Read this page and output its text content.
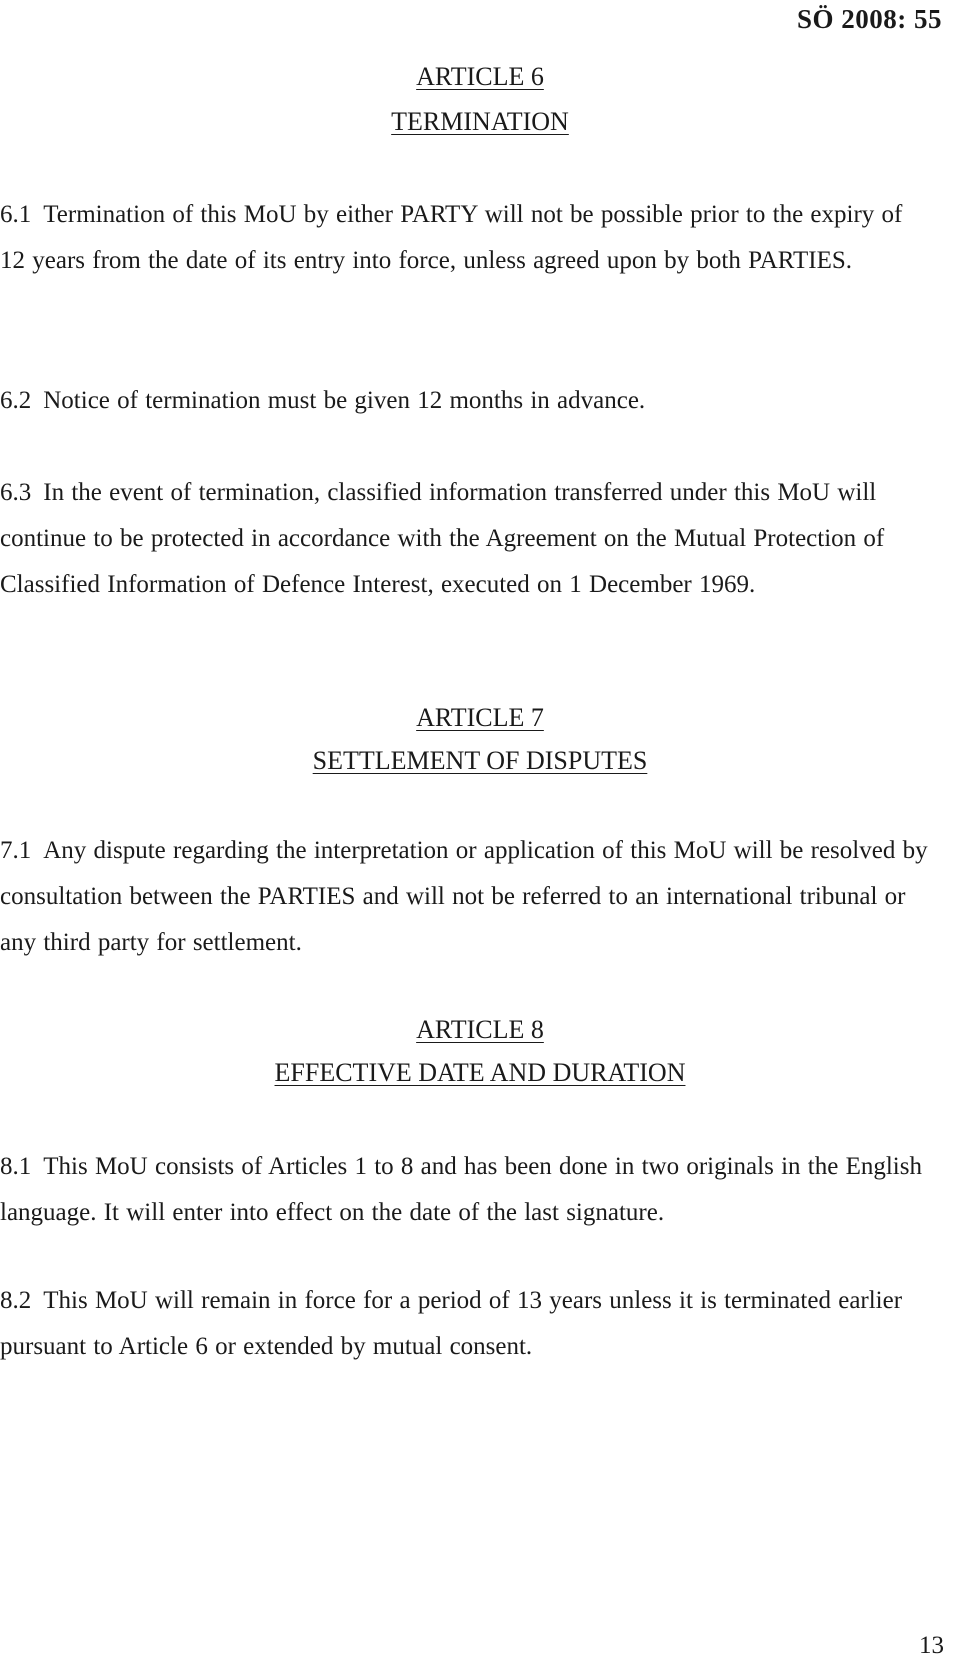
SÖ 2008: 55
ARTICLE 6
TERMINATION
6.1 Termination of this MoU by either PARTY will not be possible prior to the expiry of 12 years from the date of its entry into force, unless agreed upon by both PARTIES.
6.2 Notice of termination must be given 12 months in advance.
6.3 In the event of termination, classified information transferred under this MoU will continue to be protected in accordance with the Agreement on the Mutual Protection of Classified Information of Defence Interest, executed on 1 December 1969.
ARTICLE 7
SETTLEMENT OF DISPUTES
7.1 Any dispute regarding the interpretation or application of this MoU will be resolved by consultation between the PARTIES and will not be referred to an international tribunal or any third party for settlement.
ARTICLE 8
EFFECTIVE DATE AND DURATION
8.1 This MoU consists of Articles 1 to 8 and has been done in two originals in the English language. It will enter into effect on the date of the last signature.
8.2 This MoU will remain in force for a period of 13 years unless it is terminated earlier pursuant to Article 6 or extended by mutual consent.
13
